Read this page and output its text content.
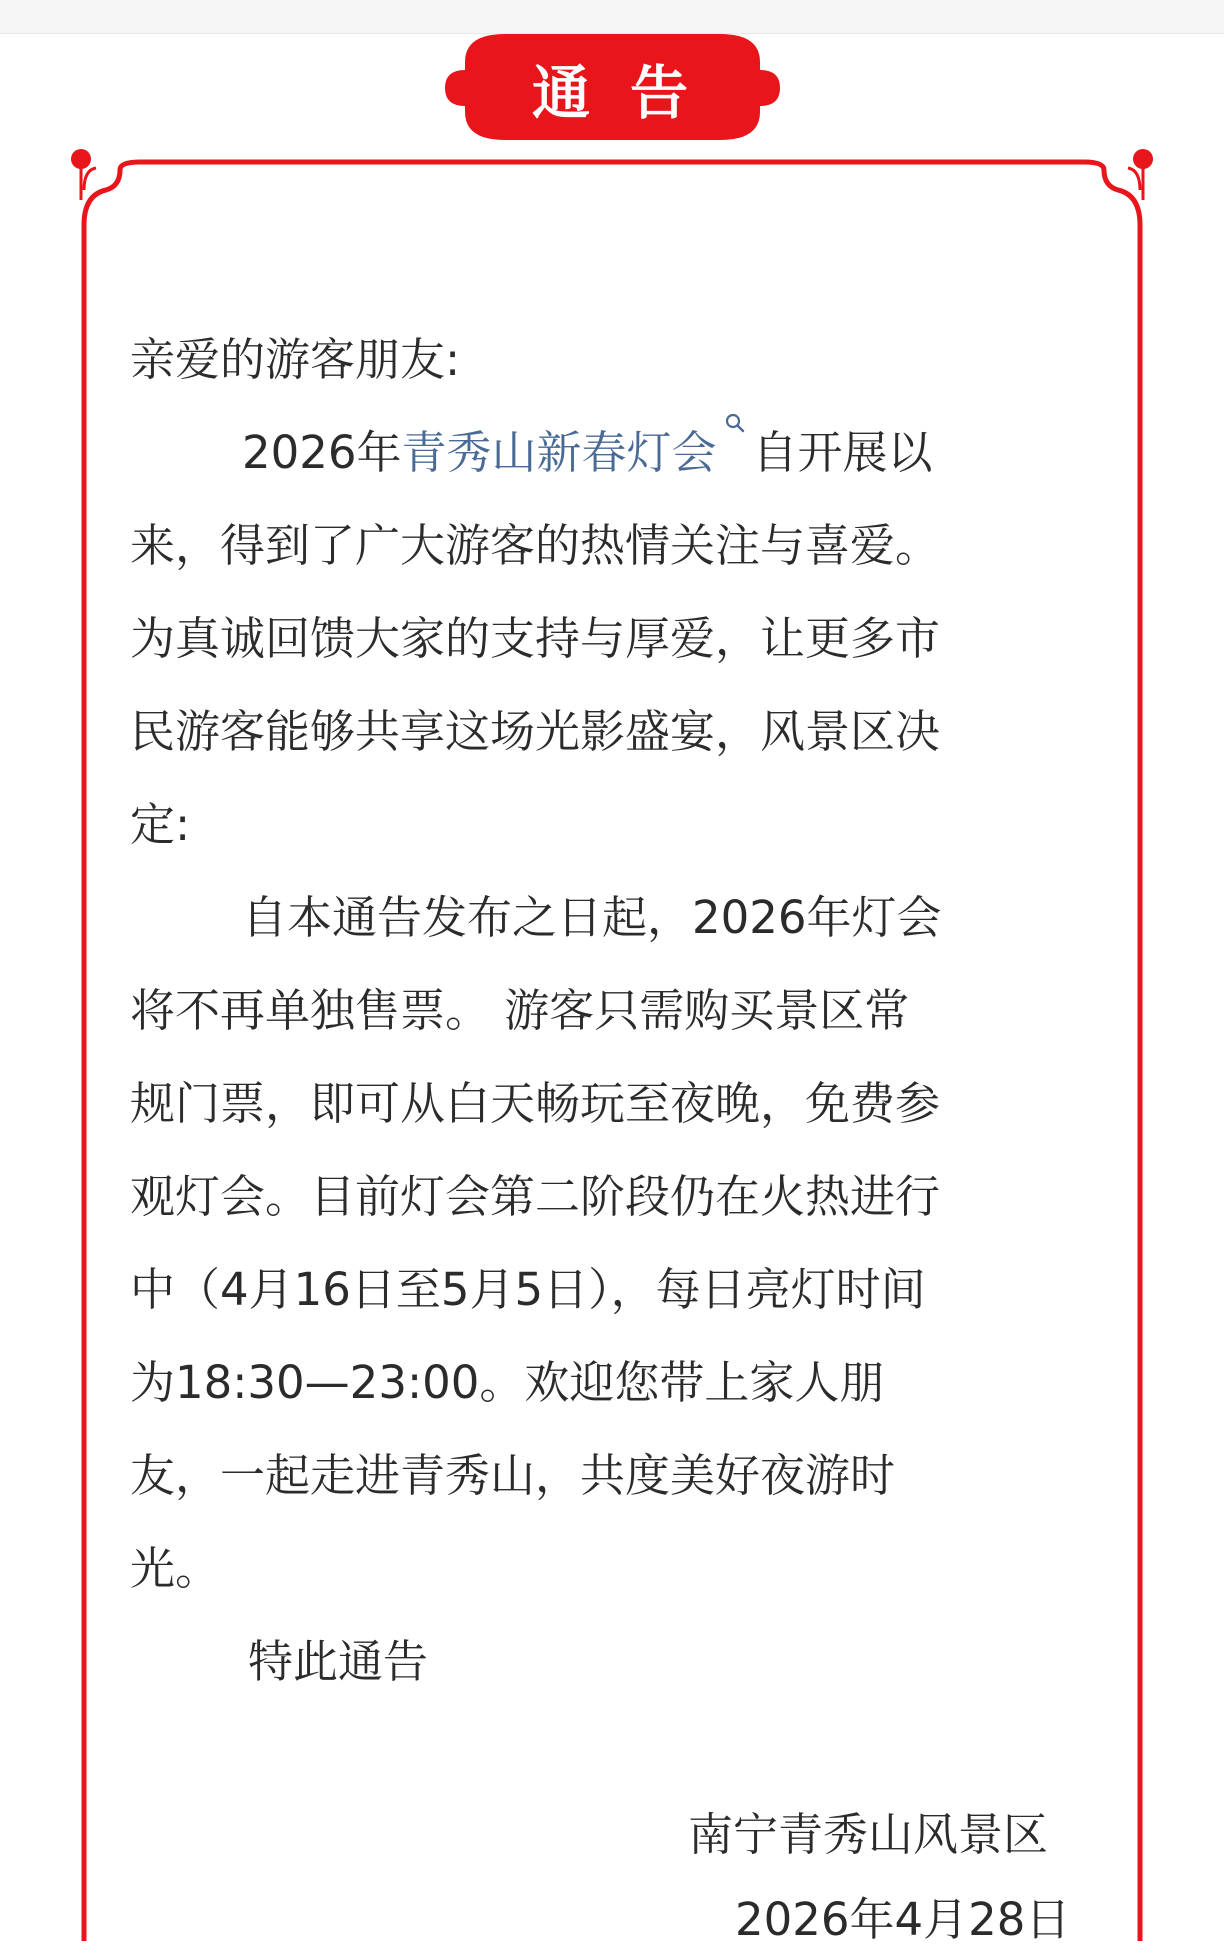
通告
亲爱的游客朋友:
2026年青秀山新春灯会 自开展以
来，得到了广大游客的热情关注与喜爱。
为真诚回馈大家的支持与厚爱，让更多市
民游客能够共享这场光影盛宴，风景区决
定:
自本通告发布之日起，2026年灯会
将不再单独售票。 游客只需购买景区常
规门票，即可从白天畅玩至夜晚，免费参
观灯会。目前灯会第二阶段仍在火热进行
中（4月16日至5月5日），每日亮灯时间
为18:30—23:00。欢迎您带上家人朋
友，一起走进青秀山，共度美好夜游时
光。
特此通告
南宁青秀山风景区
2026年4月28日
